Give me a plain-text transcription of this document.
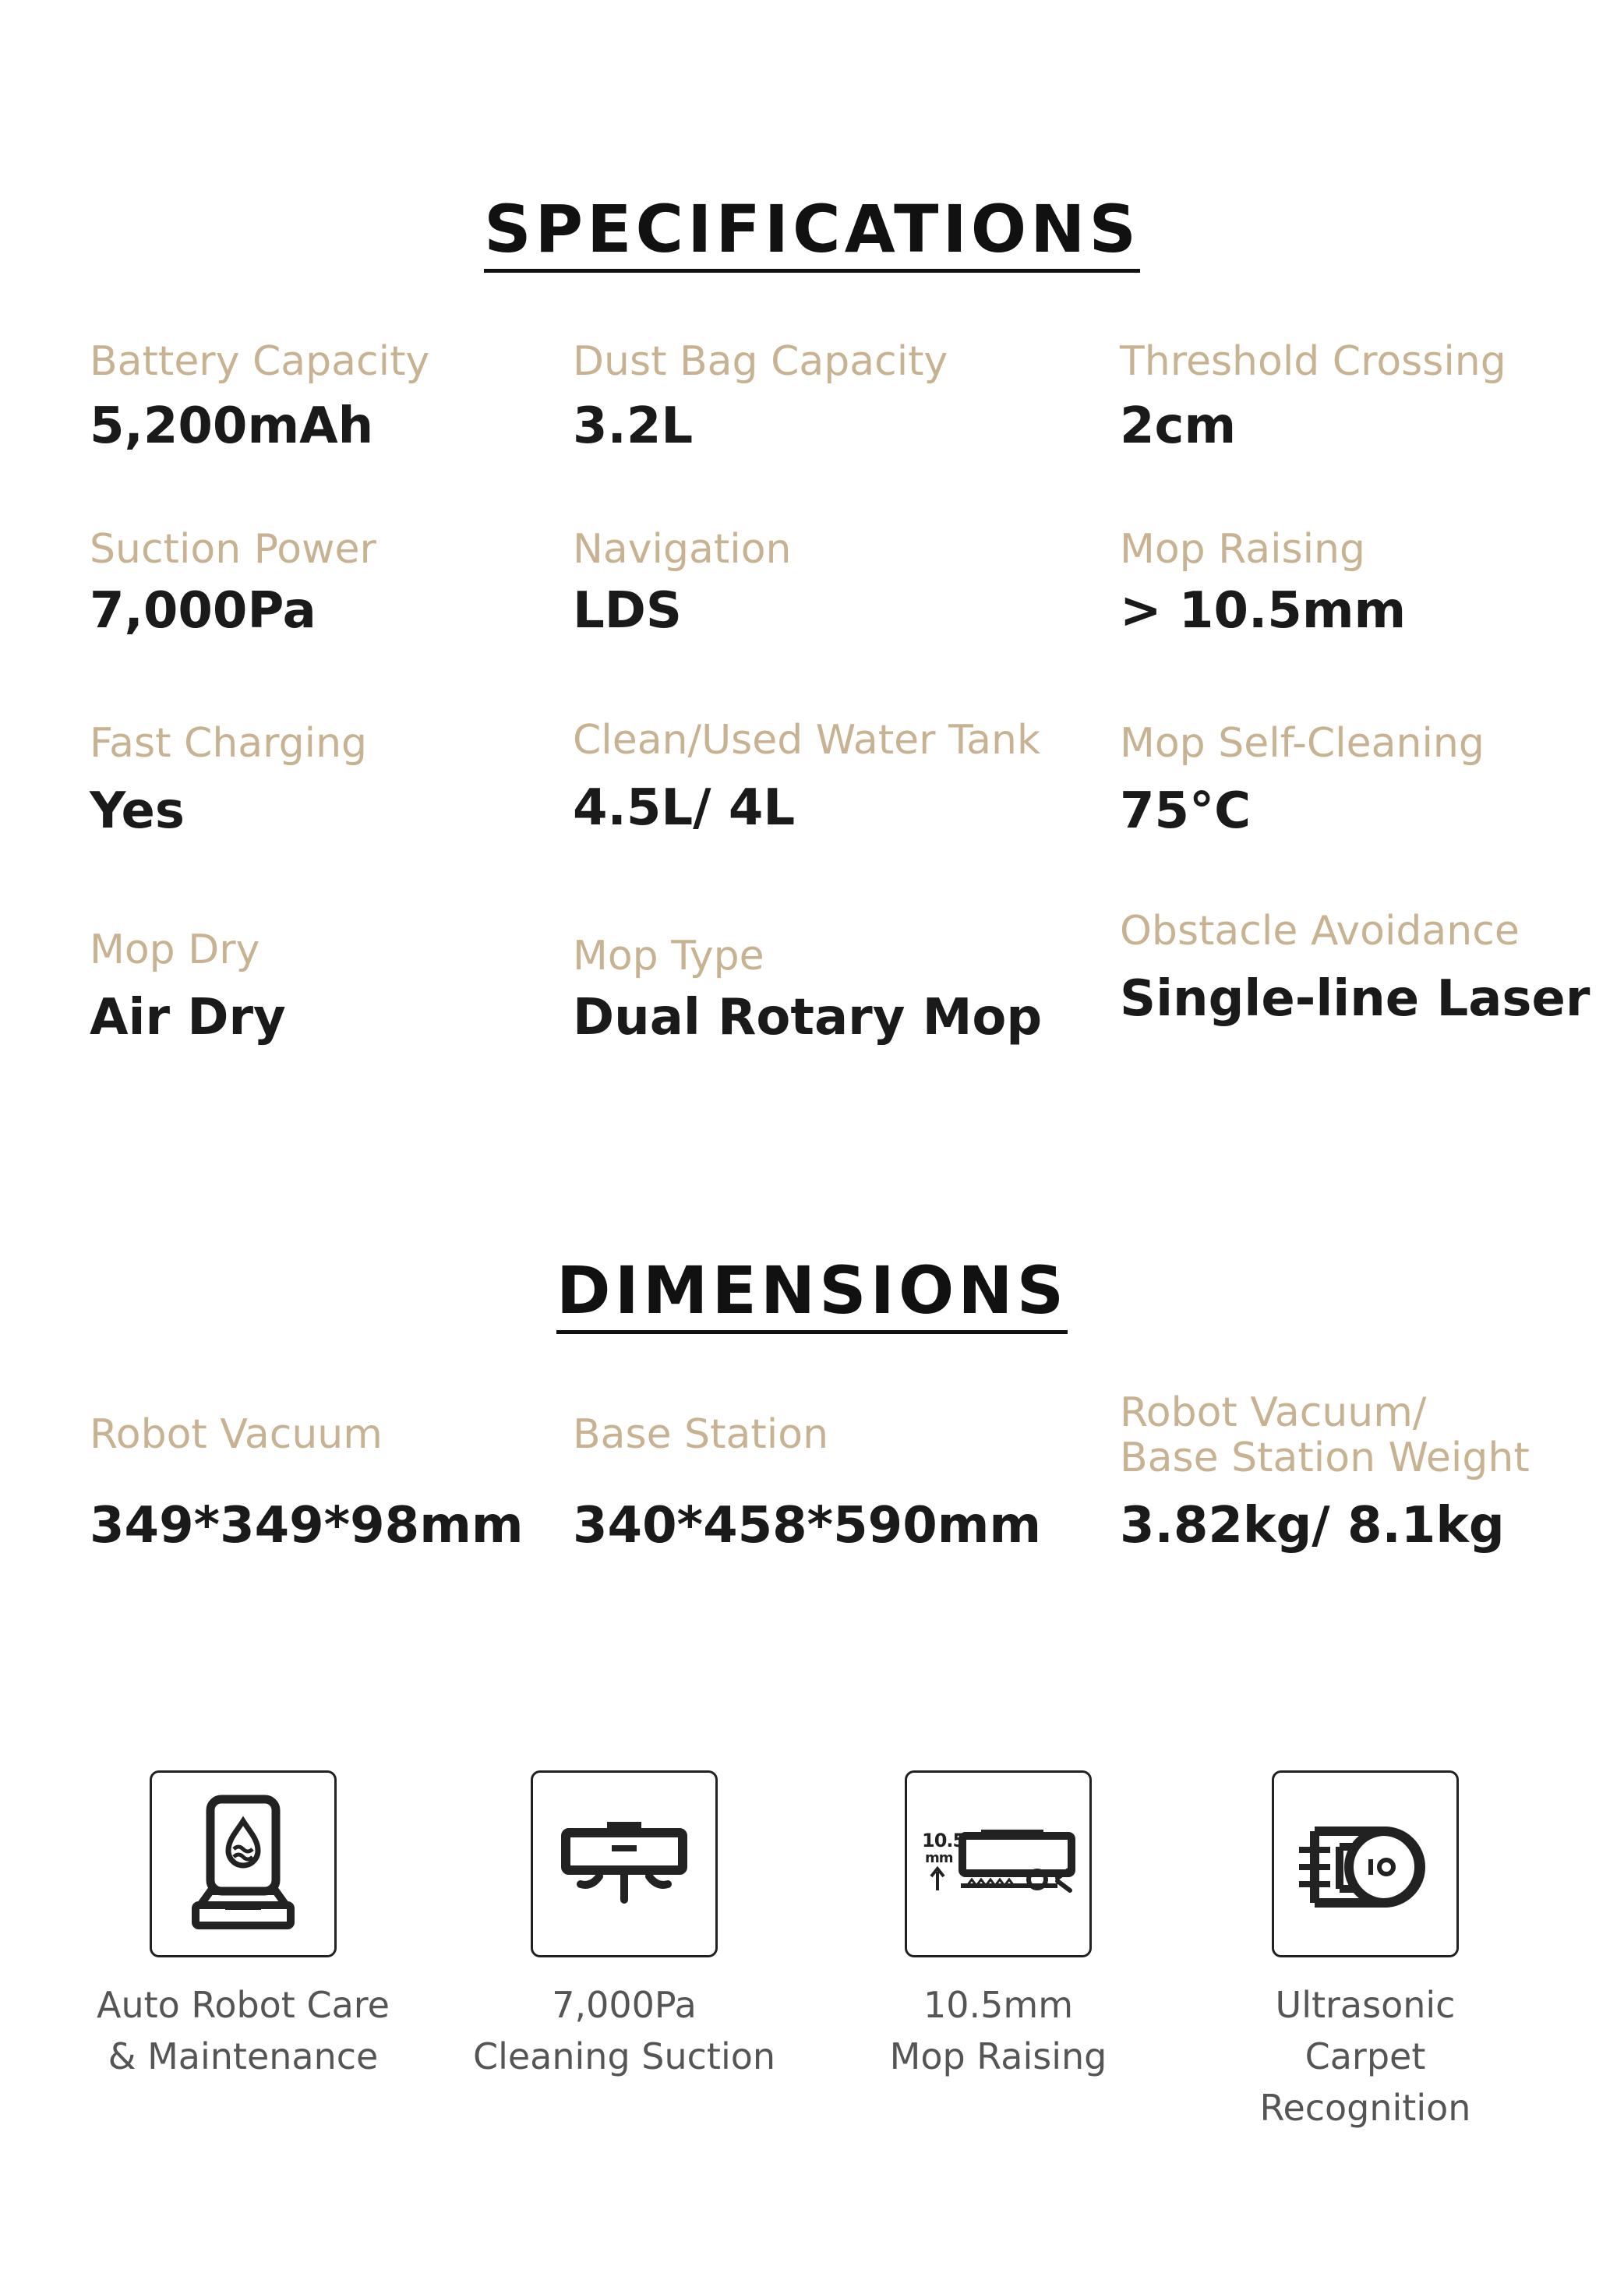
SPECIFICATIONS
Battery Capacity
5,200mAh
Dust Bag Capacity
3.2L
Threshold Crossing
2cm
Suction Power
7,000Pa
Navigation
LDS
Mop Raising
> 10.5mm
Fast Charging
Yes
Clean/Used Water Tank
4.5L/ 4L
Mop Self-Cleaning
75°C
Mop Dry
Air Dry
Mop Type
Dual Rotary Mop
Obstacle Avoidance
Single-line Laser
DIMENSIONS
Robot Vacuum
349*349*98mm
Base Station
340*458*590mm
Robot Vacuum/
Base Station Weight
3.82kg/ 8.1kg
Auto Robot Care
& Maintenance
7,000Pa
Cleaning Suction
10.5
mm
10.5mm
Mop Raising
Ultrasonic
Carpet Recognition
